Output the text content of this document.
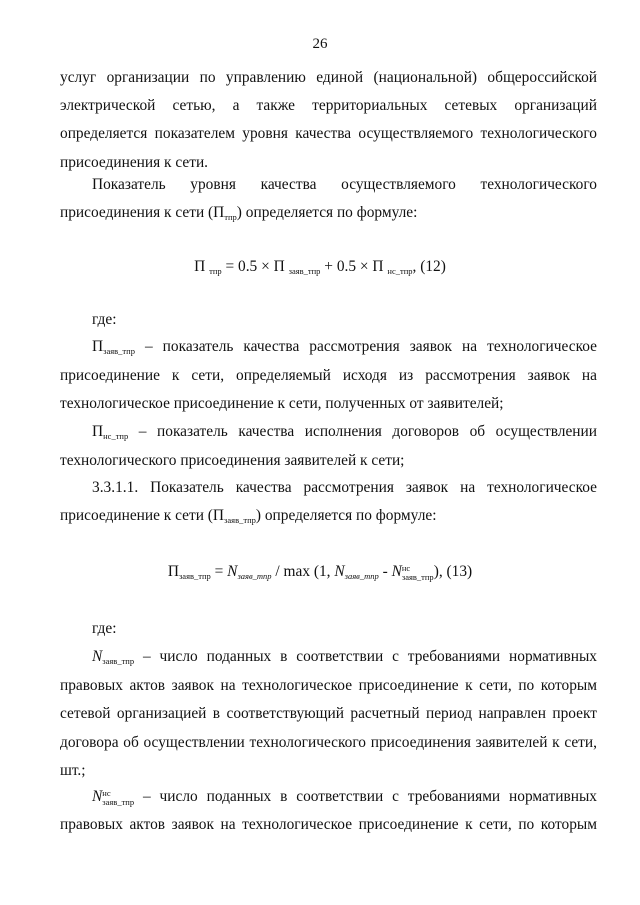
26
услуг организации по управлению единой (национальной) общероссийской
электрической сетью, а также территориальных сетевых организаций
определяется показателем уровня качества осуществляемого технологического
присоединения к сети.
Показатель уровня качества осуществляемого технологического
присоединения к сети (Птпр) определяется по формуле:
П тпр = 0.5 × П заяв_тпр + 0.5 × П нс_тпр, (12)
где:
Пзаяв_тпр – показатель качества рассмотрения заявок на технологическое
присоединение к сети, определяемый исходя из рассмотрения заявок на
технологическое присоединение к сети, полученных от заявителей;
Пнс_тпр – показатель качества исполнения договоров об осуществлении
технологического присоединения заявителей к сети;
3.3.1.1. Показатель качества рассмотрения заявок на технологическое
присоединение к сети (Пзаяв_тпр) определяется по формуле:
Пзаяв_тпр = Nзаяв_тпр / max (1, Nзаяв_тпр - N нс
заяв_тпр ), (13)
где:
Nзаяв_тпр – число поданных в соответствии с требованиями нормативных
правовых актов заявок на технологическое присоединение к сети, по которым
сетевой организацией в соответствующий расчетный период направлен проект
договора об осуществлении технологического присоединения заявителей к сети,
шт.;
N нс
заяв_тпр – число поданных в соответствии с требованиями нормативных
правовых актов заявок на технологическое присоединение к сети, по которым
